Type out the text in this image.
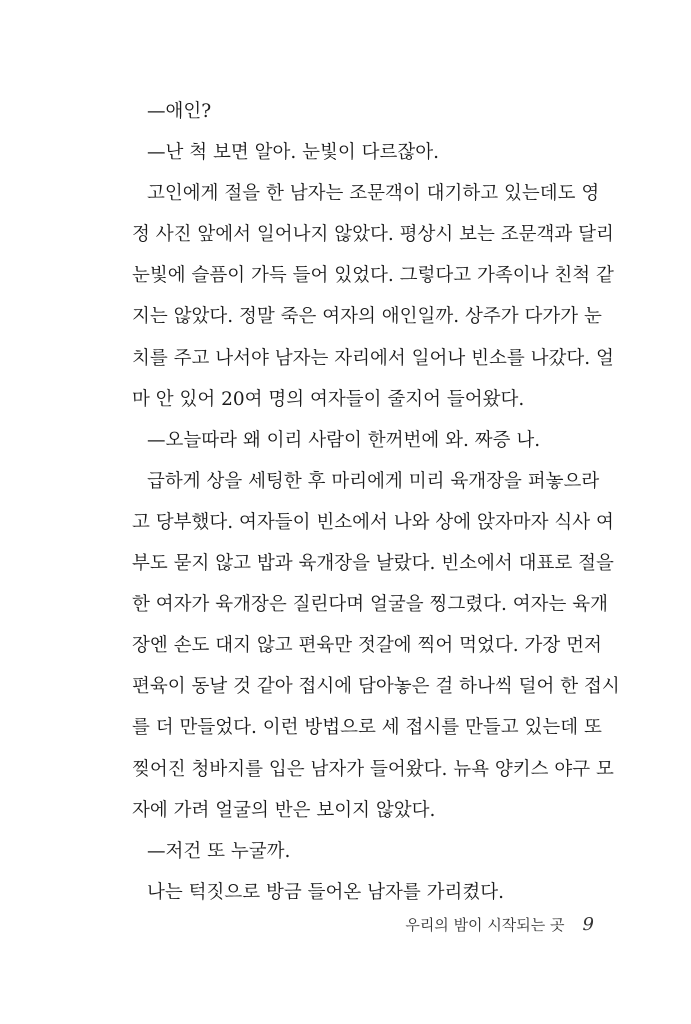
—애인?
—난 척 보면 알아. 눈빛이 다르잖아.
고인에게 절을 한 남자는 조문객이 대기하고 있는데도 영
정 사진 앞에서 일어나지 않았다. 평상시 보는 조문객과 달리
눈빛에 슬픔이 가득 들어 있었다. 그렇다고 가족이나 친척 같
지는 않았다. 정말 죽은 여자의 애인일까. 상주가 다가가 눈
치를 주고 나서야 남자는 자리에서 일어나 빈소를 나갔다. 얼
마 안 있어 20여 명의 여자들이 줄지어 들어왔다.
—오늘따라 왜 이리 사람이 한꺼번에 와. 짜증 나.
급하게 상을 세팅한 후 마리에게 미리 육개장을 퍼놓으라
고 당부했다. 여자들이 빈소에서 나와 상에 앉자마자 식사 여
부도 묻지 않고 밥과 육개장을 날랐다. 빈소에서 대표로 절을
한 여자가 육개장은 질린다며 얼굴을 찡그렸다. 여자는 육개
장엔 손도 대지 않고 편육만 젓갈에 찍어 먹었다. 가장 먼저
편육이 동날 것 같아 접시에 담아놓은 걸 하나씩 덜어 한 접시
를 더 만들었다. 이런 방법으로 세 접시를 만들고 있는데 또
찢어진 청바지를 입은 남자가 들어왔다. 뉴욕 양키스 야구 모
자에 가려 얼굴의 반은 보이지 않았다.
—저건 또 누굴까.
나는 턱짓으로 방금 들어온 남자를 가리켰다.
우리의 밤이 시작되는 곳 9
